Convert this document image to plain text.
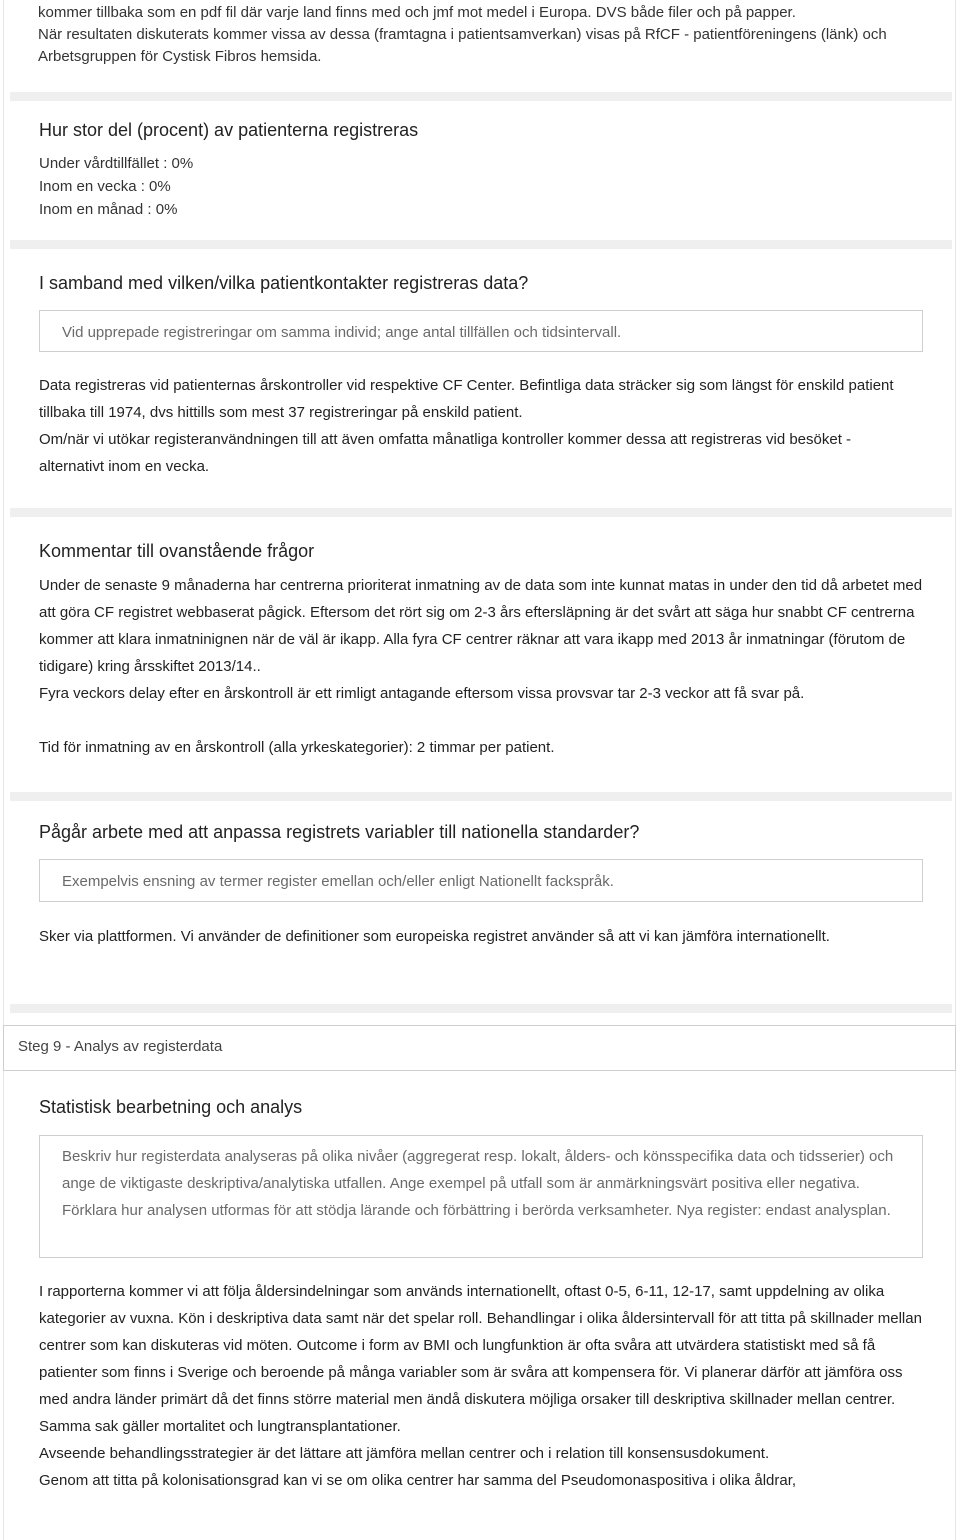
kommer tillbaka som en pdf fil där varje land finns med och jmf mot medel i Europa. DVS både filer och på papper.

När resultaten diskuterats kommer vissa av dessa (framtagna i patientsamverkan) visas på RfCF - patientföreningens (länk) och Arbetsgruppen för Cystisk Fibros hemsida.

Hur stor del (procent) av patienterna registreras

Under vårdtillfället : 0%

Inom en vecka : 0%

Inom en månad : 0%

I samband med vilken/vilka patientkontakter registreras data?
Vid upprepade registreringar om samma individ; ange antal tillfällen och tidsintervall.

Data registreras vid patienternas årskontroller vid respektive CF Center. Befintliga data sträcker sig som längst för enskild patient tillbaka till 1974, dvs hittills som mest 37 registreringar på enskild patient.

Om/när vi utökar registeranvändningen till att även omfatta månatliga kontroller kommer dessa att registreras vid besöket - alternativt inom en vecka.

Kommentar till ovanstående frågor

Under de senaste 9 månaderna har centrerna prioriterat inmatning av de data som inte kunnat matas in under den tid då arbetet med att göra CF registret webbaserat pågick. Eftersom det rört sig om 2-3 års eftersläpning är det svårt att säga hur snabbt CF centrerna kommer att klara inmatninignen när de väl är ikapp. Alla fyra CF centrer räknar att vara ikapp med 2013 år inmatningar (förutom de tidigare) kring årsskiftet 2013/14..

Fyra veckors delay efter en årskontroll är ett rimligt antagande eftersom vissa provsvar tar 2-3 veckor att få svar på.

Tid för inmatning av en årskontroll (alla yrkeskategorier): 2 timmar per patient.

Pågår arbete med att anpassa registrets variabler till nationella standarder?
Exempelvis ensning av termer register emellan och/eller enligt Nationellt fackspråk.
Sker via plattformen. Vi använder de definitioner som europeiska registret använder så att vi kan jämföra internationellt.
Steg 9 - Analys av registerdata
Statistisk bearbetning och analys
Beskriv hur registerdata analyseras på olika nivåer (aggregerat resp. lokalt, ålders- och könsspecifika data och tidsserier) och ange de viktigaste deskriptiva/analytiska utfallen. Ange exempel på utfall som är anmärkningsvärt positiva eller negativa. Förklara hur analysen utformas för att stödja lärande och förbättring i berörda verksamheter. Nya register: endast analysplan.

I rapporterna kommer vi att följa åldersindelningar som används internationellt, oftast 0-5, 6-11, 12-17, samt uppdelning av olika kategorier av vuxna. Kön i deskriptiva data samt när det spelar roll. Behandlingar i olika åldersintervall för att titta på skillnader mellan centrer som kan diskuteras vid möten. Outcome i form av BMI och lungfunktion är ofta svåra att utvärdera statistiskt med så få patienter som finns i Sverige och beroende på många variabler som är svåra att kompensera för. Vi planerar därför att jämföra oss med andra länder primärt då det finns större material men ändå diskutera möjliga orsaker till deskriptiva skillnader mellan centrer. Samma sak gäller mortalitet och lungtransplantationer.

Avseende behandlingsstrategier är det lättare att jämföra mellan centrer och i relation till konsensusdokument.

Genom att titta på kolonisationsgrad kan vi se om olika centrer har samma del Pseudomonaspositiva i olika åldrar,
